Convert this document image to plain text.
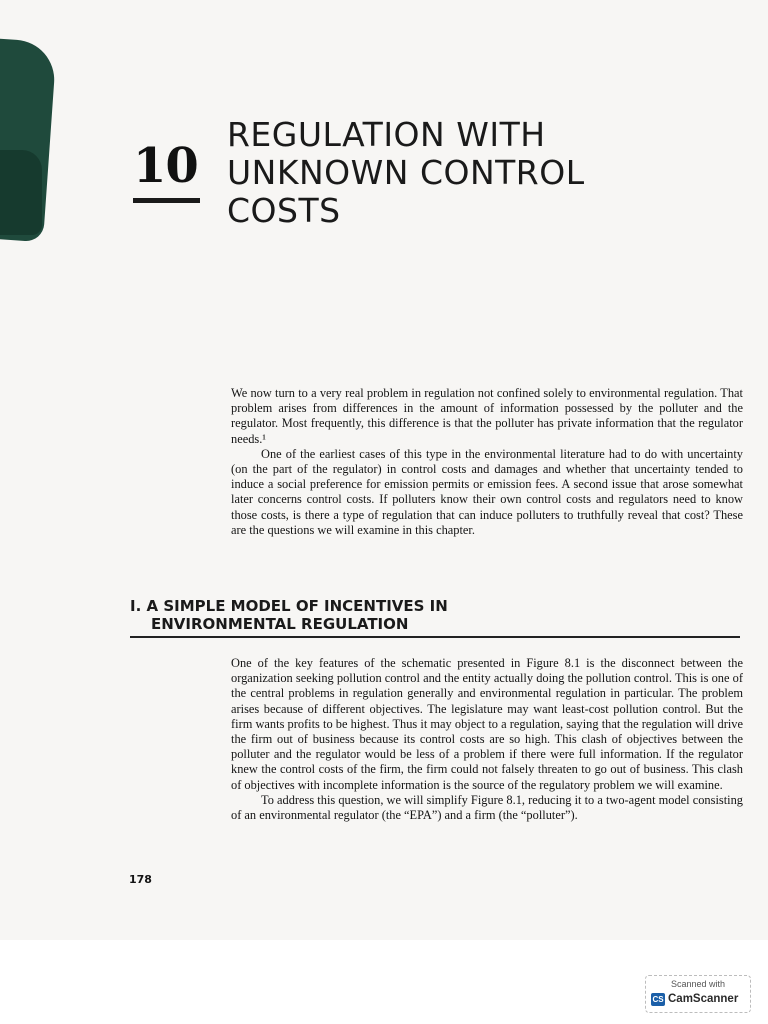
10
REGULATION WITH
UNKNOWN CONTROL
COSTS

We now turn to a very real problem in regulation not confined solely to environmental regulation. That problem arises from differences in the amount of information possessed by the polluter and the regulator. Most frequently, this difference is that the polluter has private information that the regulator needs.¹

One of the earliest cases of this type in the environmental literature had to do with uncertainty (on the part of the regulator) in control costs and damages and whether that uncertainty tended to induce a social preference for emission permits or emission fees. A second issue that arose somewhat later concerns control costs. If polluters know their own control costs and regulators need to know those costs, is there a type of regulation that can induce polluters to truthfully reveal that cost? These are the questions we will examine in this chapter.

I. A SIMPLE MODEL OF INCENTIVES IN
ENVIRONMENTAL REGULATION

One of the key features of the schematic presented in Figure 8.1 is the disconnect between the organization seeking pollution control and the entity actually doing the pollution control. This is one of the central problems in regulation generally and environmental regulation in particular. The problem arises because of different objectives. The legislature may want least-cost pollution control. But the firm wants profits to be highest. Thus it may object to a regulation, saying that the regulation will drive the firm out of business because its control costs are so high. This clash of objectives between the polluter and the regulator would be less of a problem if there were full information. If the regulator knew the control costs of the firm, the firm could not falsely threaten to go out of business. This clash of objectives with incomplete information is the source of the regulatory problem we will examine.

To address this question, we will simplify Figure 8.1, reducing it to a two-agent model consisting of an environmental regulator (the “EPA”) and a firm (the “polluter”).

178
Scanned with
CS CamScanner
